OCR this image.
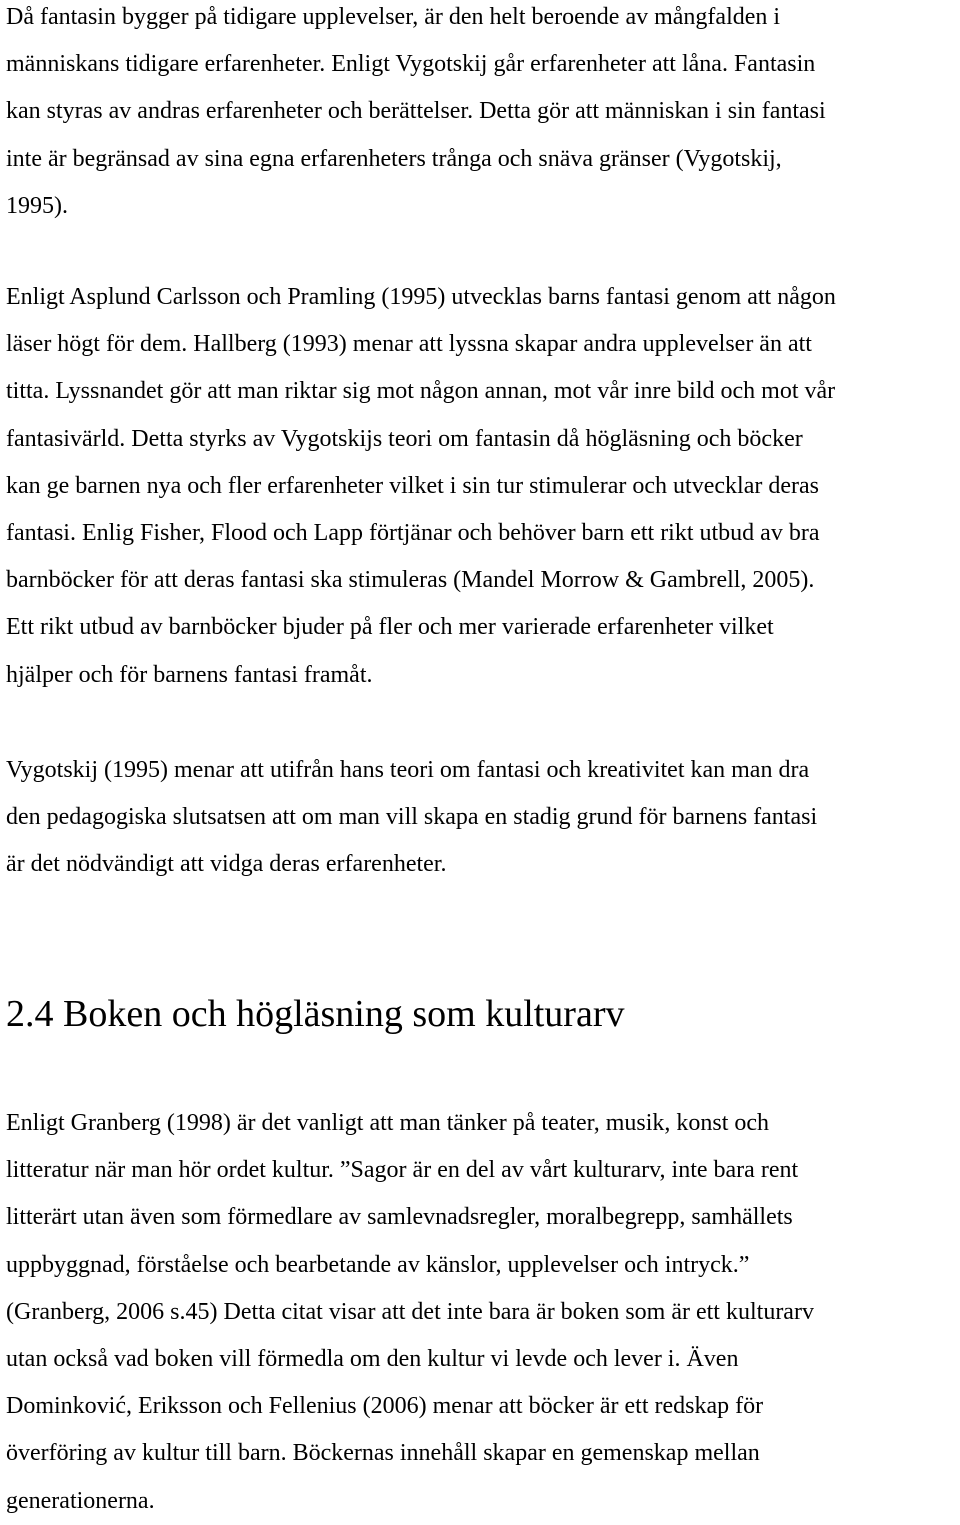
Då fantasin bygger på tidigare upplevelser, är den helt beroende av mångfalden i
människans tidigare erfarenheter. Enligt Vygotskij går erfarenheter att låna. Fantasin
kan styras av andras erfarenheter och berättelser. Detta gör att människan i sin fantasi
inte är begränsad av sina egna erfarenheters trånga och snäva gränser (Vygotskij,
1995).

Enligt Asplund Carlsson och Pramling (1995) utvecklas barns fantasi genom att någon
läser högt för dem. Hallberg (1993) menar att lyssna skapar andra upplevelser än att
titta. Lyssnandet gör att man riktar sig mot någon annan, mot vår inre bild och mot vår
fantasivärld. Detta styrks av Vygotskijs teori om fantasin då högläsning och böcker
kan ge barnen nya och fler erfarenheter vilket i sin tur stimulerar och utvecklar deras
fantasi. Enlig Fisher, Flood och Lapp förtjänar och behöver barn ett rikt utbud av bra
barnböcker för att deras fantasi ska stimuleras (Mandel Morrow & Gambrell, 2005).
Ett rikt utbud av barnböcker bjuder på fler och mer varierade erfarenheter vilket
hjälper och för barnens fantasi framåt.

Vygotskij (1995) menar att utifrån hans teori om fantasi och kreativitet kan man dra
den pedagogiska slutsatsen att om man vill skapa en stadig grund för barnens fantasi
är det nödvändigt att vidga deras erfarenheter.

2.4 Boken och högläsning som kulturarv

Enligt Granberg (1998) är det vanligt att man tänker på teater, musik, konst och
litteratur när man hör ordet kultur. ”Sagor är en del av vårt kulturarv, inte bara rent
litterärt utan även som förmedlare av samlevnadsregler, moralbegrepp, samhällets
uppbyggnad, förståelse och bearbetande av känslor, upplevelser och intryck.”
(Granberg, 2006 s.45) Detta citat visar att det inte bara är boken som är ett kulturarv
utan också vad boken vill förmedla om den kultur vi levde och lever i. Även
Dominković, Eriksson och Fellenius (2006) menar att böcker är ett redskap för
överföring av kultur till barn. Böckernas innehåll skapar en gemenskap mellan
generationerna.
